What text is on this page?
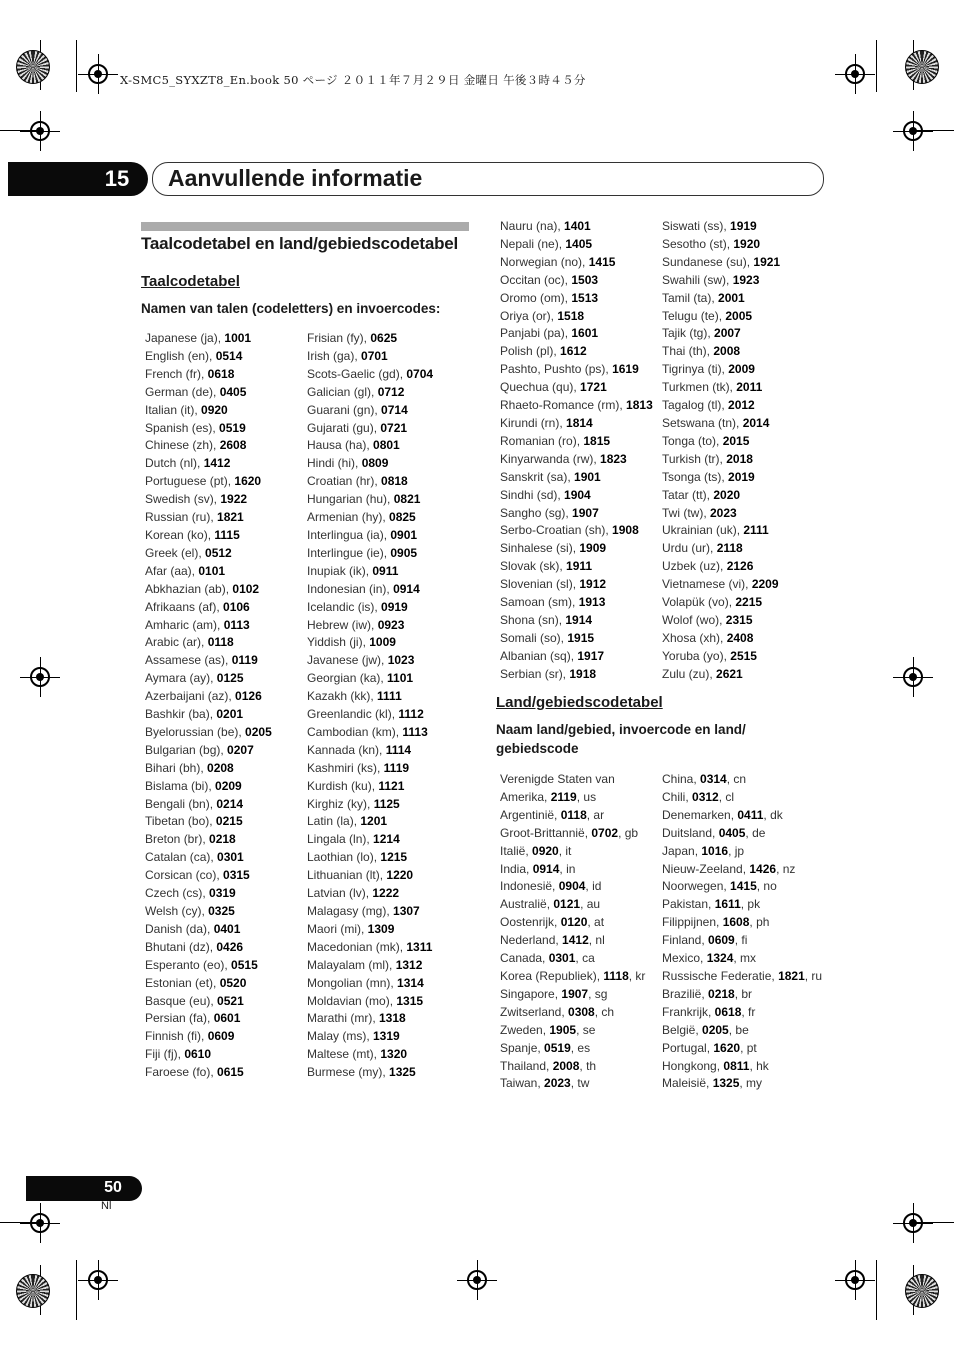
X-SMC5_SYXZT8_En.book 50 ページ ２０１１年７月２９日 金曜日 午後３時４５分
15 Aanvullende informatie
Taalcodetabel en land/gebiedscodetabel
Taalcodetabel
Namen van talen (codeletters) en invoercodes:
Japanese (ja), 1001
English (en), 0514
French (fr), 0618
German (de), 0405
Italian (it), 0920
Spanish (es), 0519
Chinese (zh), 2608
Dutch (nl), 1412
Portuguese (pt), 1620
Swedish (sv), 1922
Russian (ru), 1821
Korean (ko), 1115
Greek (el), 0512
Afar (aa), 0101
Abkhazian (ab), 0102
Afrikaans (af), 0106
Amharic (am), 0113
Arabic (ar), 0118
Assamese (as), 0119
Aymara (ay), 0125
Azerbaijani (az), 0126
Bashkir (ba), 0201
Byelorussian (be), 0205
Bulgarian (bg), 0207
Bihari (bh), 0208
Bislama (bi), 0209
Bengali (bn), 0214
Tibetan (bo), 0215
Breton (br), 0218
Catalan (ca), 0301
Corsican (co), 0315
Czech (cs), 0319
Welsh (cy), 0325
Danish (da), 0401
Bhutani (dz), 0426
Esperanto (eo), 0515
Estonian (et), 0520
Basque (eu), 0521
Persian (fa), 0601
Finnish (fi), 0609
Fiji (fj), 0610
Faroese (fo), 0615
Frisian (fy), 0625
Irish (ga), 0701
Scots-Gaelic (gd), 0704
Galician (gl), 0712
Guarani (gn), 0714
Gujarati (gu), 0721
Hausa (ha), 0801
Hindi (hi), 0809
Croatian (hr), 0818
Hungarian (hu), 0821
Armenian (hy), 0825
Interlingua (ia), 0901
Interlingue (ie), 0905
Inupiak (ik), 0911
Indonesian (in), 0914
Icelandic (is), 0919
Hebrew (iw), 0923
Yiddish (ji), 1009
Javanese (jw), 1023
Georgian (ka), 1101
Kazakh (kk), 1111
Greenlandic (kl), 1112
Cambodian (km), 1113
Kannada (kn), 1114
Kashmiri (ks), 1119
Kurdish (ku), 1121
Kirghiz (ky), 1125
Latin (la), 1201
Lingala (ln), 1214
Laothian (lo), 1215
Lithuanian (lt), 1220
Latvian (lv), 1222
Malagasy (mg), 1307
Maori (mi), 1309
Macedonian (mk), 1311
Malayalam (ml), 1312
Mongolian (mn), 1314
Moldavian (mo), 1315
Marathi (mr), 1318
Malay (ms), 1319
Maltese (mt), 1320
Burmese (my), 1325
Nauru (na), 1401
Nepali (ne), 1405
Norwegian (no), 1415
Occitan (oc), 1503
Oromo (om), 1513
Oriya (or), 1518
Panjabi (pa), 1601
Polish (pl), 1612
Pashto, Pushto (ps), 1619
Quechua (qu), 1721
Rhaeto-Romance (rm), 1813
Kirundi (rn), 1814
Romanian (ro), 1815
Kinyarwanda (rw), 1823
Sanskrit (sa), 1901
Sindhi (sd), 1904
Sangho (sg), 1907
Serbo-Croatian (sh), 1908
Sinhalese (si), 1909
Slovak (sk), 1911
Slovenian (sl), 1912
Samoan (sm), 1913
Shona (sn), 1914
Somali (so), 1915
Albanian (sq), 1917
Serbian (sr), 1918
Siswati (ss), 1919
Sesotho (st), 1920
Sundanese (su), 1921
Swahili (sw), 1923
Tamil (ta), 2001
Telugu (te), 2005
Tajik (tg), 2007
Thai (th), 2008
Tigrinya (ti), 2009
Turkmen (tk), 2011
Tagalog (tl), 2012
Setswana (tn), 2014
Tonga (to), 2015
Turkish (tr), 2018
Tsonga (ts), 2019
Tatar (tt), 2020
Twi (tw), 2023
Ukrainian (uk), 2111
Urdu (ur), 2118
Uzbek (uz), 2126
Vietnamese (vi), 2209
Volapük (vo), 2215
Wolof (wo), 2315
Xhosa (xh), 2408
Yoruba (yo), 2515
Zulu (zu), 2621
Land/gebiedscodetabel
Naam land/gebied, invoercode en land/ gebiedscode
Verenigde Staten van
Amerika, 2119, us
Argentinië, 0118, ar
Groot-Brittannië, 0702, gb
Italië, 0920, it
India, 0914, in
Indonesië, 0904, id
Australië, 0121, au
Oostenrijk, 0120, at
Nederland, 1412, nl
Canada, 0301, ca
Korea (Republiek), 1118, kr
Singapore, 1907, sg
Zwitserland, 0308, ch
Zweden, 1905, se
Spanje, 0519, es
Thailand, 2008, th
Taiwan, 2023, tw
China, 0314, cn
Chili, 0312, cl
Denemarken, 0411, dk
Duitsland, 0405, de
Japan, 1016, jp
Nieuw-Zeeland, 1426, nz
Noorwegen, 1415, no
Pakistan, 1611, pk
Filippijnen, 1608, ph
Finland, 0609, fi
Mexico, 1324, mx
Russische Federatie, 1821, ru
Brazilië, 0218, br
Frankrijk, 0618, fr
België, 0205, be
Portugal, 1620, pt
Hongkong, 0811, hk
Maleisië, 1325, my
50
Nl
